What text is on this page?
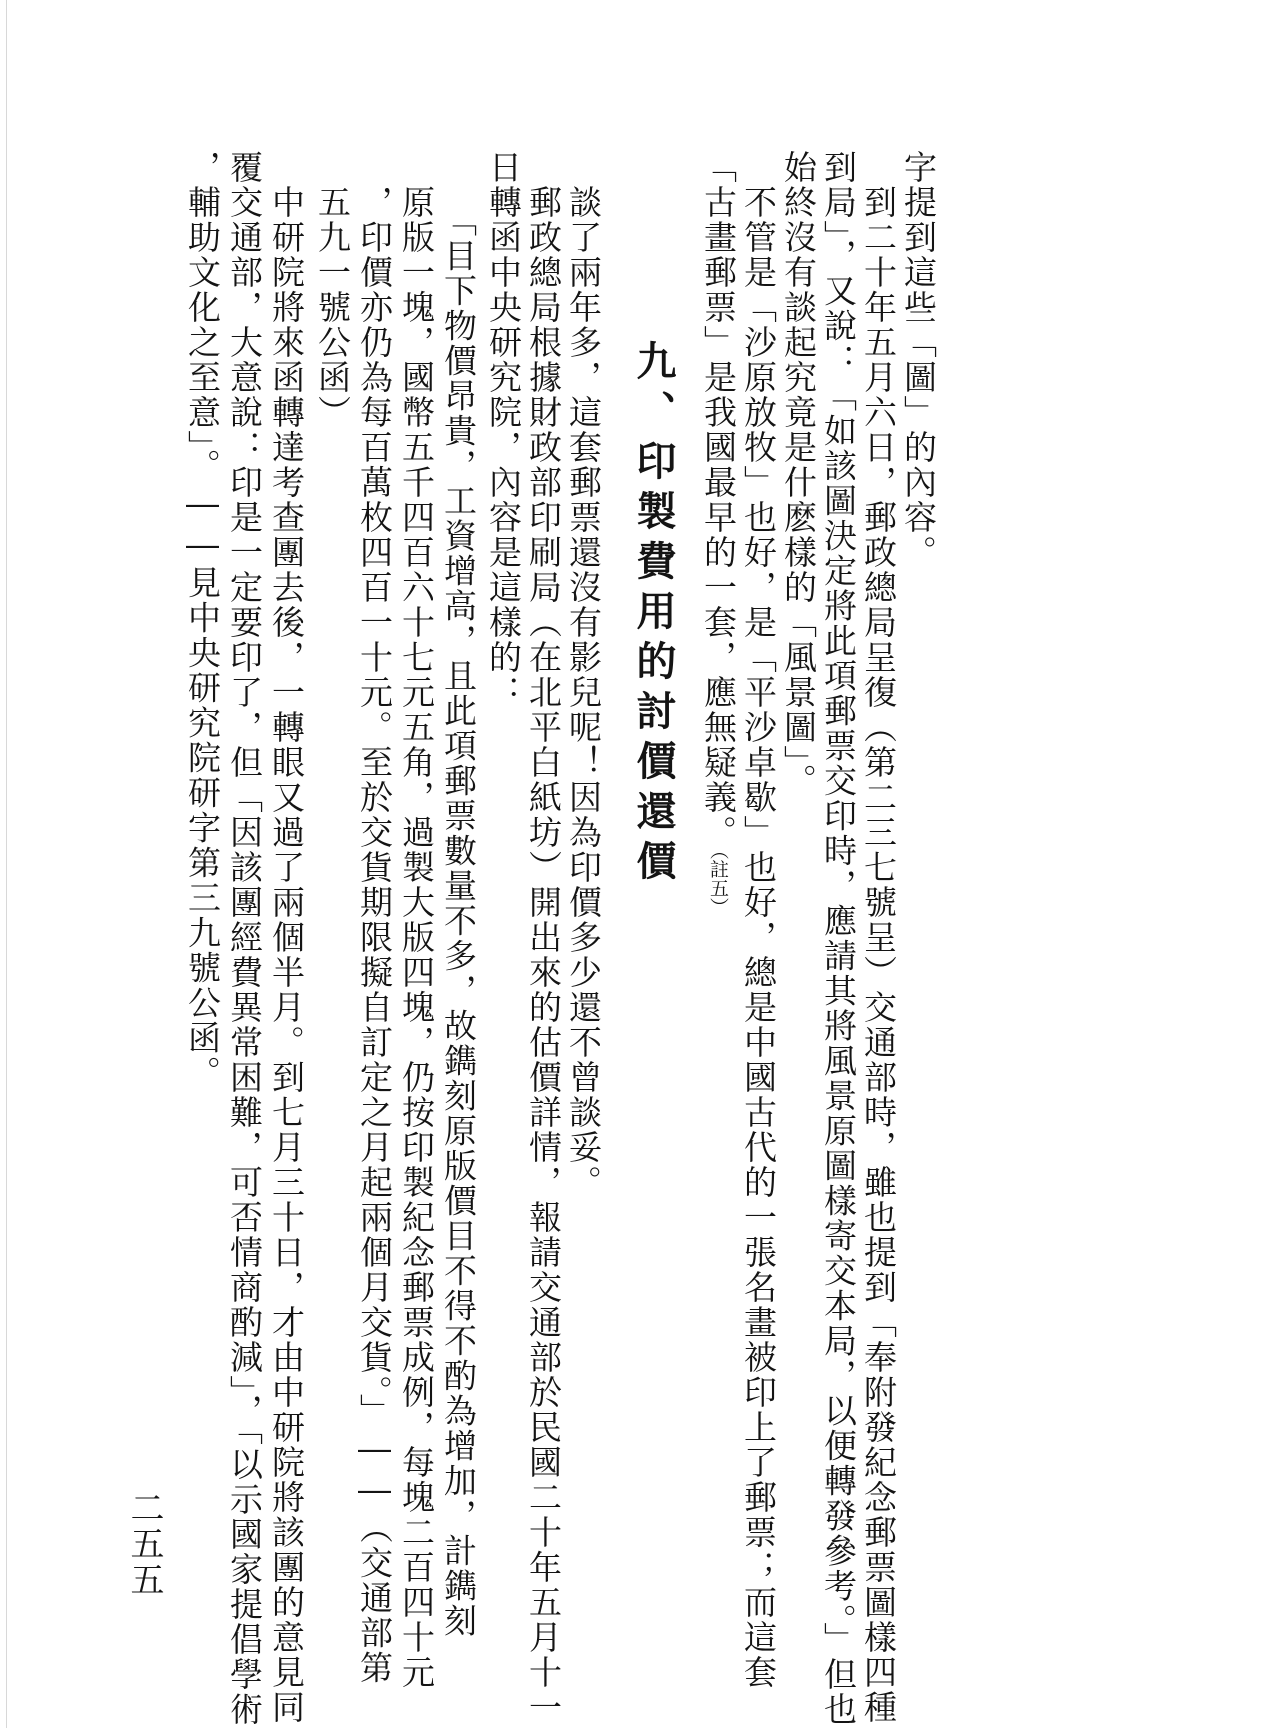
字提到這些「圖」的內容。
　到二十年五月六日，郵政總局呈復（第二三七號呈）交通部時，雖也提到「奉附發紀念郵票圖樣四種
到局」，又說：「如該圖決定將此項郵票交印時，應請其將風景原圖樣寄交本局，以便轉發參考。」但也
始終沒有談起究竟是什麽樣的「風景圖」。
　不管是「沙原放牧」也好，是「平沙卓歇」也好，總是中國古代的一張名畫被印上了郵票；而這套
「古畫郵票」是我國最早的一套，應無疑義。（註五）
九、印製費用的討價還價
　談了兩年多，這套郵票還沒有影兒呢！因為印價多少還不曾談妥。
　郵政總局根據財政部印刷局（在北平白紙坊）開出來的估價詳情，報請交通部於民國二十年五月十一
日轉函中央研究院，內容是這樣的：
　　「目下物價昂貴，工資增高，且此項郵票數量不多，故鐫刻原版價目不得不酌為增加，計鐫刻
　原版一塊，國幣五千四百六十七元五角，過製大版四塊，仍按印製紀念郵票成例，每塊二百四十元
　，印價亦仍為每百萬枚四百一十元。至於交貨期限擬自訂定之月起兩個月交貨。」――（交通部第
　五九一號公函）
　中研院將來函轉達考查團去後，一轉眼又過了兩個半月。到七月三十日，才由中研院將該團的意見同
覆交通部，大意說：印是一定要印了，但「因該團經費異常困難，可否情商酌減」，「以示國家提倡學術
，輔助文化之至意」。――見中央研究院研字第三九號公函。
二五五
